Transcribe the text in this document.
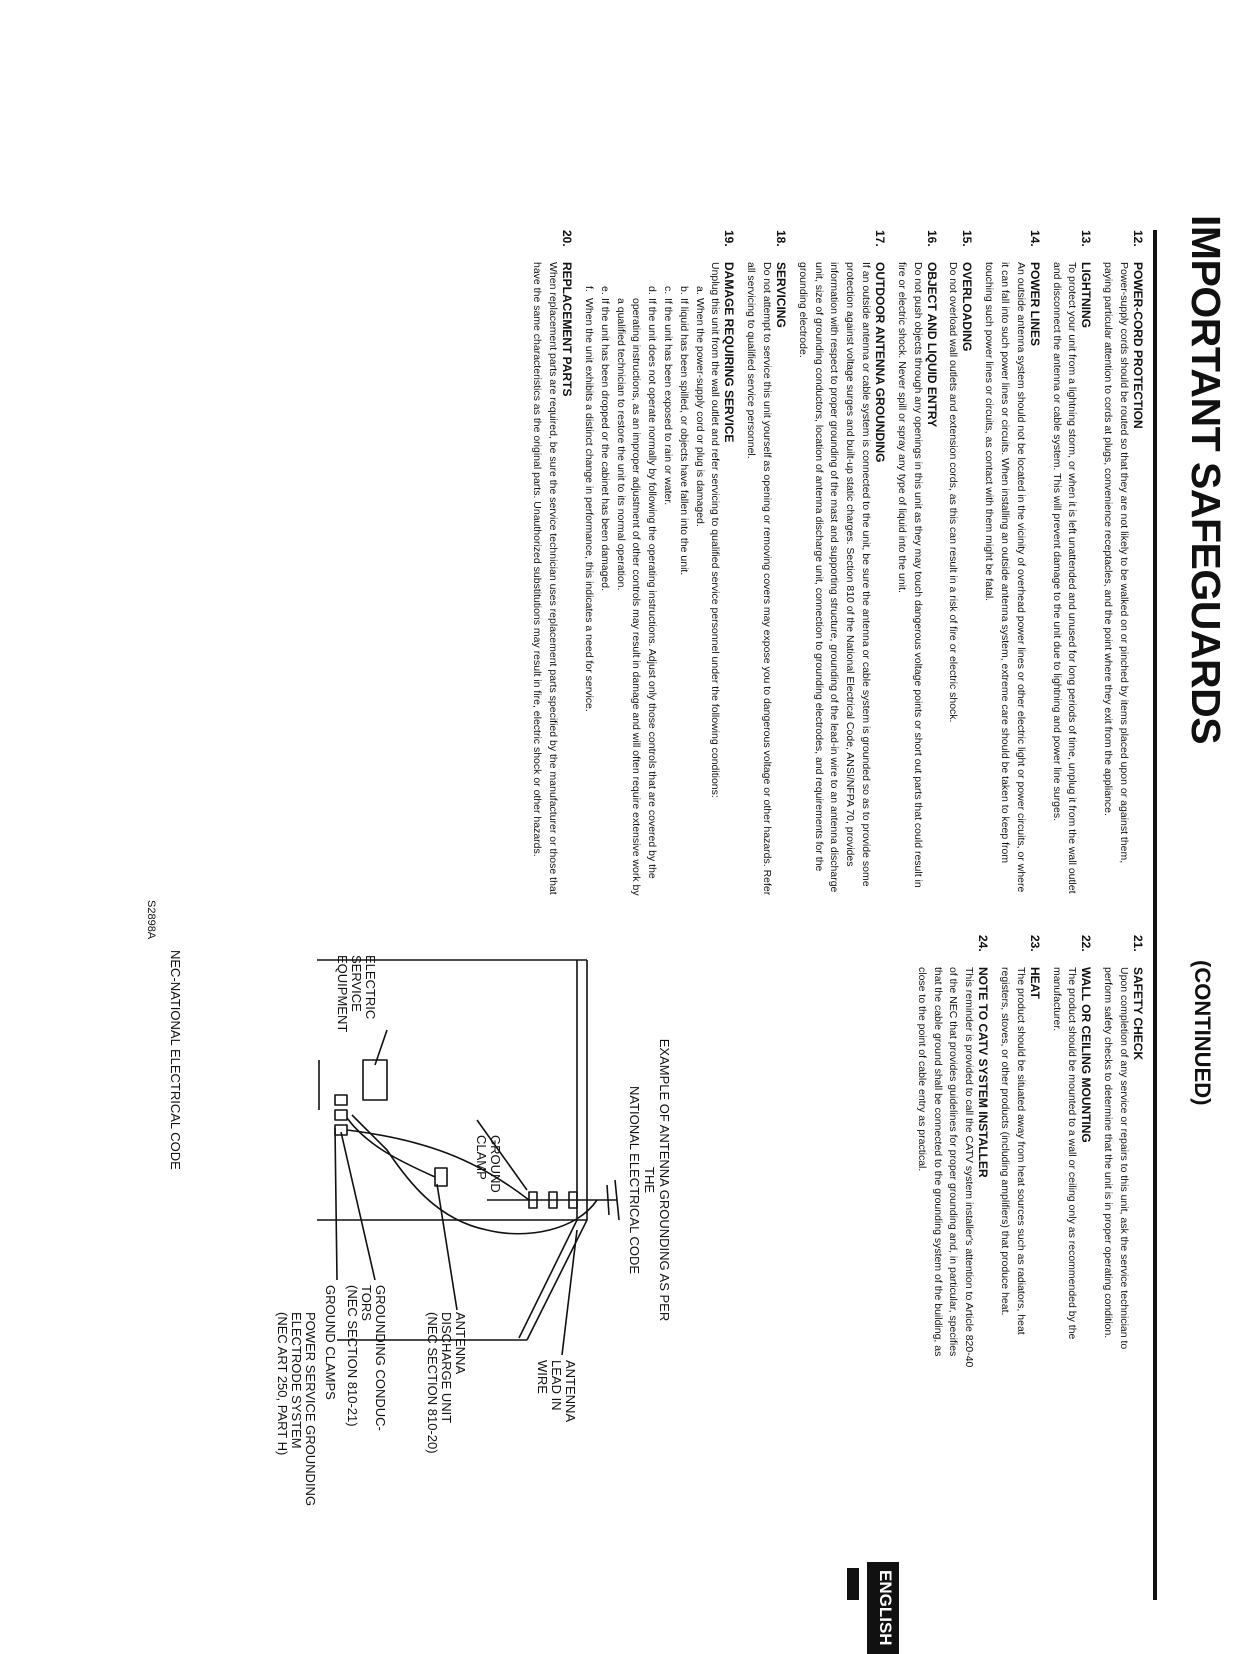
IMPORTANT SAFEGUARDS
(CONTINUED)
ENGLISH
12.
POWER-CORD PROTECTION
Power-supply cords should be routed so that they are not likely to be walked on or pinched by items placed upon or against them, paying particular attention to cords at plugs, convenience receptacles, and the point where they exit from the appliance.
13.
LIGHTNING
To protect your unit from a lightning storm, or when it is left unattended and unused for long periods of time, unplug it from the wall outlet and disconnect the antenna or cable system. This will prevent damage to the unit due to lightning and power line surges.
14.
POWER LINES
An outside antenna system should not be located in the vicinity of overhead power lines or other electric light or power circuits, or where it can fall into such power lines or circuits. When installing an outside antenna system, extreme care should be taken to keep from touching such power lines or circuits, as contact with them might be fatal.
15.
OVERLOADING
Do not overload wall outlets and extension cords, as this can result in a risk of fire or electric shock.
16.
OBJECT AND LIQUID ENTRY
Do not push objects through any openings in this unit as they may touch dangerous voltage points or short out parts that could result in fire or electric shock. Never spill or spray any type of liquid into the unit.
17.
OUTDOOR ANTENNA GROUNDING
If an outside antenna or cable system is connected to the unit, be sure the antenna or cable system is grounded so as to provide some protection against voltage surges and built-up static charges. Section 810 of the National Electrical Code, ANSI/NFPA 70, provides information with respect to proper grounding of the mast and supporting structure, grounding of the lead-in wire to an antenna discharge unit, size of grounding conductors, location of antenna discharge unit, connection to grounding electrodes, and requirements for the grounding electrode.
18.
SERVICING
Do not attempt to service this unit yourself as opening or removing covers may expose you to dangerous voltage or other hazards. Refer all servicing to qualified service personnel.
19.
DAMAGE REQUIRING SERVICE
Unplug this unit from the wall outlet and refer servicing to qualified service personnel under the following conditions:
a.When the power-supply cord or plug is damaged.
b.If liquid has been spilled, or objects have fallen into the unit.
c.If the unit has been exposed to rain or water.
d.If the unit does not operate normally by following the operating instructions. Adjust only those controls that are covered by the operating instructions, as an improper adjustment of other controls may result in damage and will often require extensive work by a qualified technician to restore the unit to its normal operation.
e.If the unit has been dropped or the cabinet has been damaged.
f.When the unit exhibits a distinct change in performance, this indicates a need for service.
20.
REPLACEMENT PARTS
When replacement parts are required, be sure the service technician uses replacement parts specified by the manufacturer or those that have the same characteristics as the original parts. Unauthorized substitutions may result in fire, electric shock or other hazards.
21.
SAFETY CHECK
Upon completion of any service or repairs to this unit, ask the service technician to perform safety checks to determine that the unit is in proper operating condition.
22.
WALL OR CEILING MOUNTING
The product should be mounted to a wall or ceiling only as recommended by the manufacturer.
23.
HEAT
The product should be situated away from heat sources such as radiators, heat registers, stoves, or other products (including amplifiers) that produce heat.
24.
NOTE TO CATV SYSTEM INSTALLER
This reminder is provided to call the CATV system installer's attention to Article 820-40 of the NEC that provides guidelines for proper grounding and, in particular, specifies that the cable ground shall be connected to the grounding system of the building, as close to the point of cable entry as practical.
EXAMPLE OF ANTENNA GROUNDING AS PER THE
NATIONAL ELECTRICAL CODE
ANTENNA
LEAD IN
WIRE
GROUND
CLAMP
ANTENNA
DISCHARGE UNIT
(NEC SECTION 810-20)
ELECTRIC
SERVICE
EQUIPMENT
GROUNDING CONDUC-
TORS
(NEC SECTION 810-21)
GROUND CLAMPS
POWER SERVICE GROUNDING
ELECTRODE SYSTEM
(NEC ART 250, PART H)
NEC-NATIONAL ELECTRICAL CODE
S2898A
